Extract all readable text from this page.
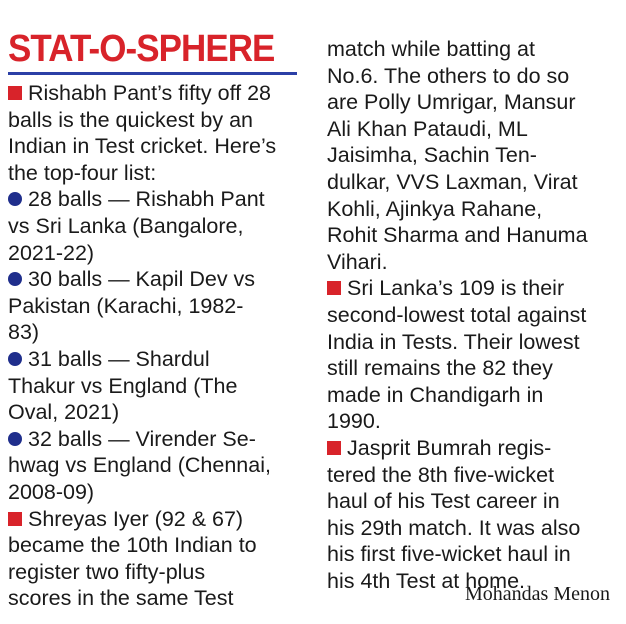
STAT-O-SPHERE
Rishabh Pant’s fifty off 28
balls is the quickest by an
Indian in Test cricket. Here’s
the top-four list:
28 balls — Rishabh Pant
vs Sri Lanka (Bangalore,
2021-22)
30 balls — Kapil Dev vs
Pakistan (Karachi, 1982-
83)
31 balls — Shardul
Thakur vs England (The
Oval, 2021)
32 balls — Virender Se-
hwag vs England (Chennai,
2008-09)
Shreyas Iyer (92 & 67)
became the 10th Indian to
register two fifty-plus
scores in the same Test
match while batting at
No.6. The others to do so
are Polly Umrigar, Mansur
Ali Khan Pataudi, ML
Jaisimha, Sachin Ten-
dulkar, VVS Laxman, Virat
Kohli, Ajinkya Rahane,
Rohit Sharma and Hanuma
Vihari.
Sri Lanka’s 109 is their
second-lowest total against
India in Tests. Their lowest
still remains the 82 they
made in Chandigarh in
1990.
Jasprit Bumrah regis-
tered the 8th five-wicket
haul of his Test career in
his 29th match. It was also
his first five-wicket haul in
his 4th Test at home.
Mohandas Menon
